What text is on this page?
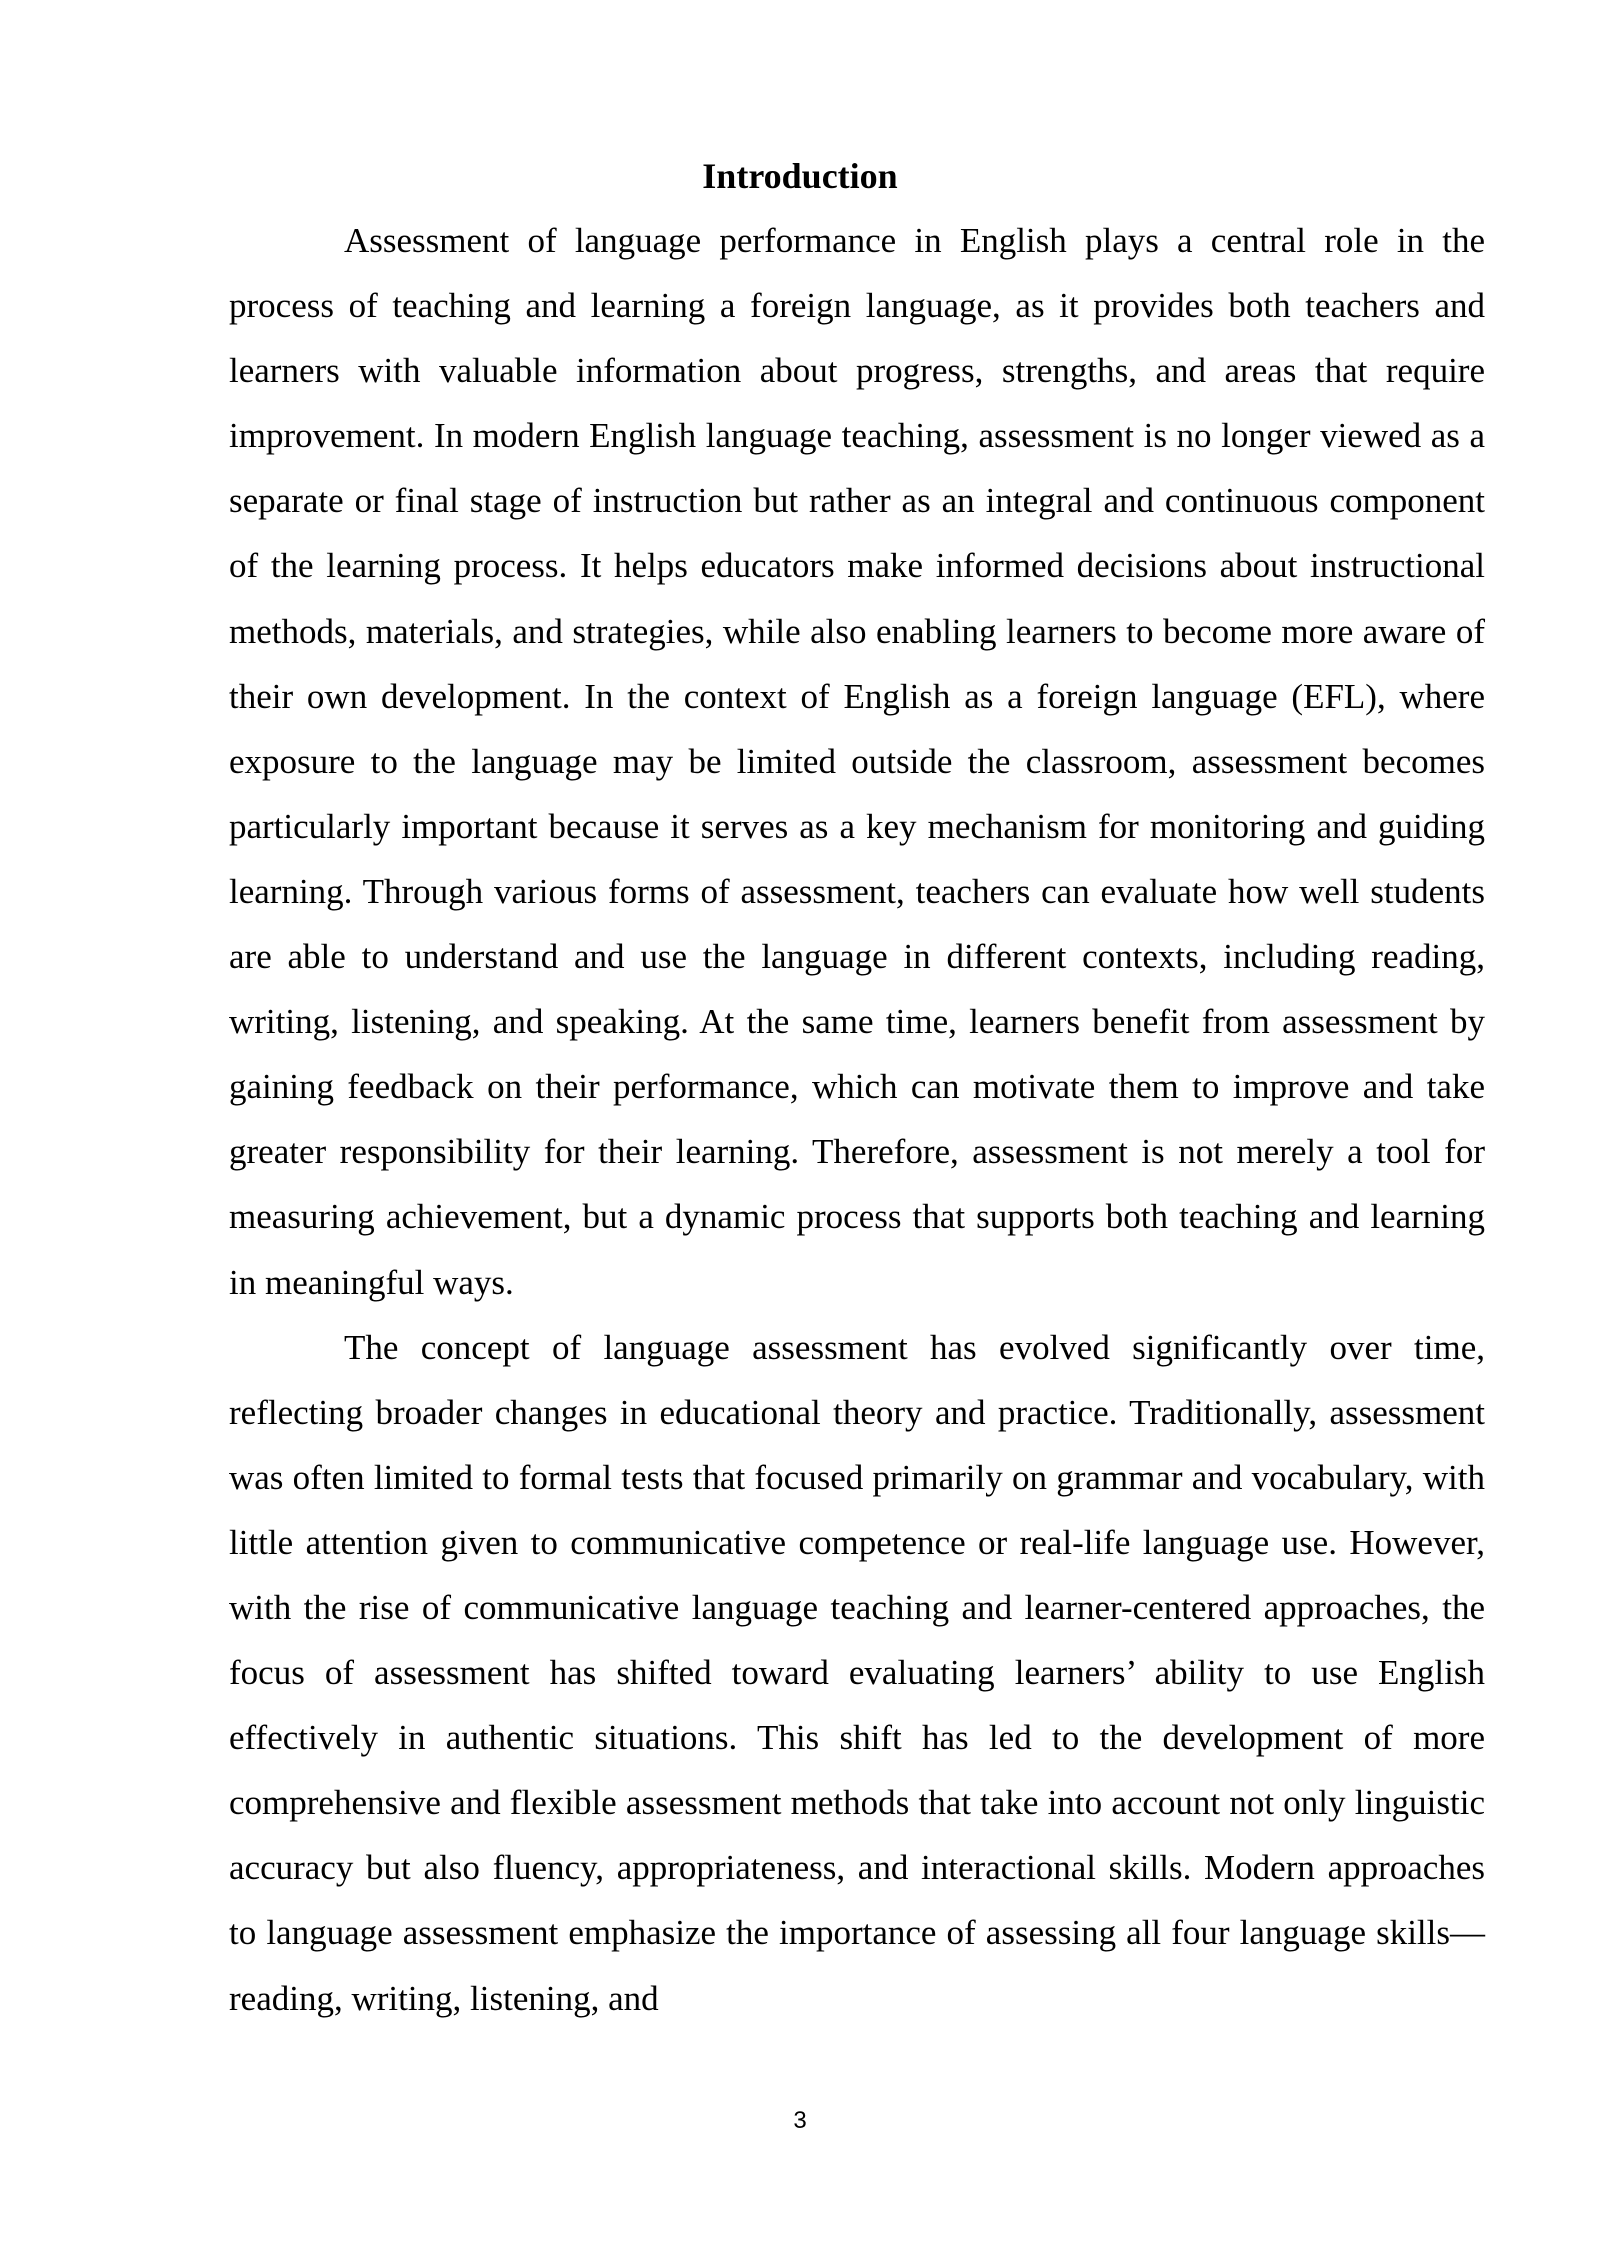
Introduction

Assessment of language performance in English plays a central role in the process of teaching and learning a foreign language, as it provides both teachers and learners with valuable information about progress, strengths, and areas that require improvement. In modern English language teaching, assessment is no longer viewed as a separate or final stage of instruction but rather as an integral and continuous component of the learning process. It helps educators make informed decisions about instructional methods, materials, and strategies, while also enabling learners to become more aware of their own development. In the context of English as a foreign language (EFL), where exposure to the language may be limited outside the classroom, assessment becomes particularly important because it serves as a key mechanism for monitoring and guiding learning. Through various forms of assessment, teachers can evaluate how well students are able to understand and use the language in different contexts, including reading, writing, listening, and speaking. At the same time, learners benefit from assessment by gaining feedback on their performance, which can motivate them to improve and take greater responsibility for their learning. Therefore, assessment is not merely a tool for measuring achievement, but a dynamic process that supports both teaching and learning in meaningful ways.

The concept of language assessment has evolved significantly over time, reflecting broader changes in educational theory and practice. Traditionally, assessment was often limited to formal tests that focused primarily on grammar and vocabulary, with little attention given to communicative competence or real-life language use. However, with the rise of communicative language teaching and learner-centered approaches, the focus of assessment has shifted toward evaluating learners’ ability to use English effectively in authentic situations. This shift has led to the development of more comprehensive and flexible assessment methods that take into account not only linguistic accuracy but also fluency, appropriateness, and interactional skills. Modern approaches to language assessment emphasize the importance of assessing all four language skills—reading, writing, listening, and

3
